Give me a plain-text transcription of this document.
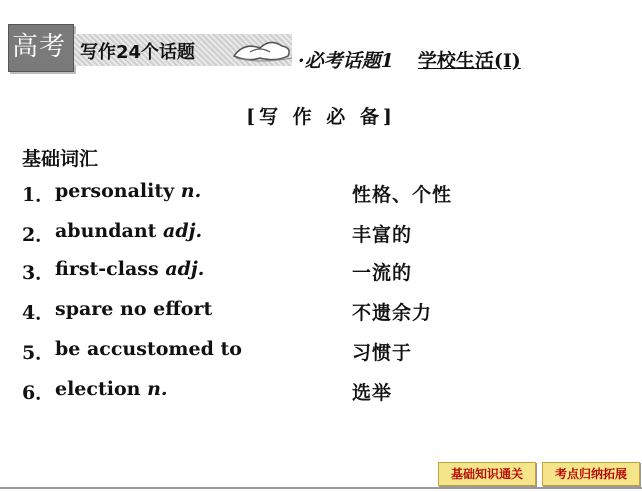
高考 写作24个话题	·必考话题1 学校生活(Ⅰ)
[写 作 必 备]
基础词汇
1． personality n.	性格、个性
2． abundant adj.	丰富的
3． first-class adj.	一流的
4． spare no effort	不遗余力
5． be accustomed to	习惯于
6． election n.	选举
基础知识通关	考点归纳拓展
